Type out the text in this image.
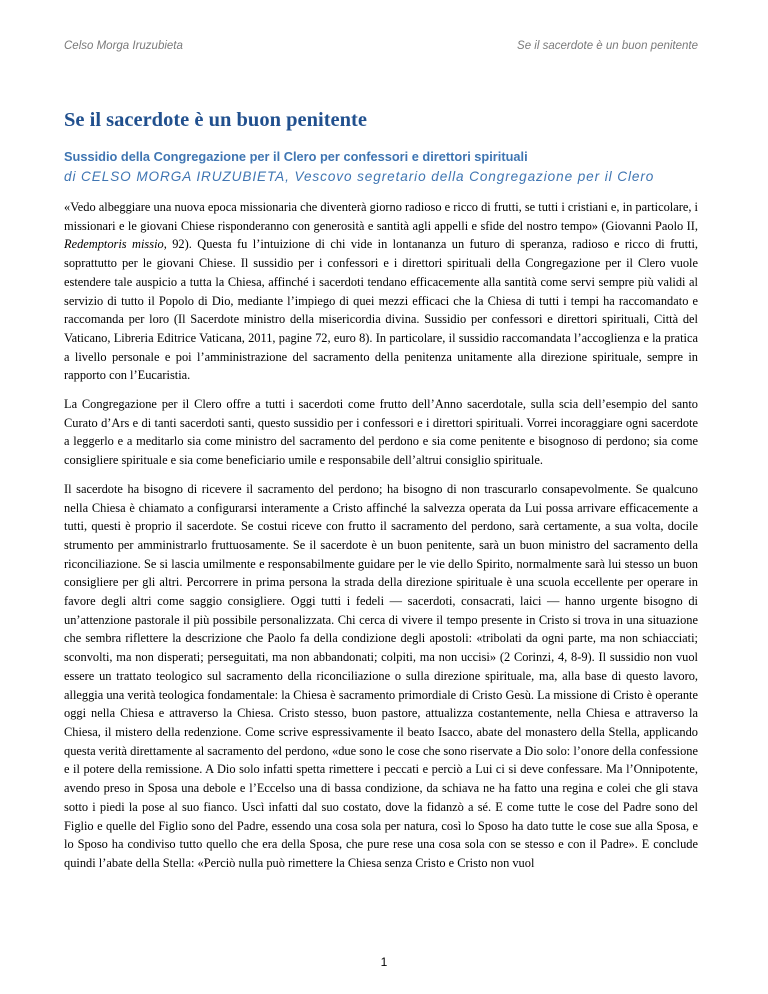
Celso Morga Iruzubieta	Se il sacerdote è un buon penitente
Se il sacerdote è un buon penitente
Sussidio della Congregazione per il Clero per confessori e direttori spirituali
di CELSO MORGA IRUZUBIETA, Vescovo segretario della Congregazione per il Clero

«Vedo albeggiare una nuova epoca missionaria che diventerà giorno radioso e ricco di frutti, se tutti i cristiani e, in particolare, i missionari e le giovani Chiese risponderanno con generosità e santità agli appelli e sfide del nostro tempo» (Giovanni Paolo II, Redemptoris missio, 92). Questa fu l’intuizione di chi vide in lontananza un futuro di speranza, radioso e ricco di frutti, soprattutto per le giovani Chiese. Il sussidio per i confessori e i direttori spirituali della Congregazione per il Clero vuole estendere tale auspicio a tutta la Chiesa, affinché i sacerdoti tendano efficacemente alla santità come servi sempre più validi al servizio di tutto il Popolo di Dio, mediante l’impiego di quei mezzi efficaci che la Chiesa di tutti i tempi ha raccomandato e raccomanda per loro (Il Sacerdote ministro della misericordia divina. Sussidio per confessori e direttori spirituali, Città del Vaticano, Libreria Editrice Vaticana, 2011, pagine 72, euro 8). In particolare, il sussidio raccomandata l’accoglienza e la pratica a livello personale e poi l’amministrazione del sacramento della penitenza unitamente alla direzione spirituale, sempre in rapporto con l’Eucaristia.

La Congregazione per il Clero offre a tutti i sacerdoti come frutto dell’Anno sacerdotale, sulla scia dell’esempio del santo Curato d’Ars e di tanti sacerdoti santi, questo sussidio per i confessori e i direttori spirituali. Vorrei incoraggiare ogni sacerdote a leggerlo e a meditarlo sia come ministro del sacramento del perdono e sia come penitente e bisognoso di perdono; sia come consigliere spirituale e sia come beneficiario umile e responsabile dell’altrui consiglio spirituale.

Il sacerdote ha bisogno di ricevere il sacramento del perdono; ha bisogno di non trascurarlo consapevolmente. Se qualcuno nella Chiesa è chiamato a configurarsi interamente a Cristo affinché la salvezza operata da Lui possa arrivare efficacemente a tutti, questi è proprio il sacerdote. Se costui riceve con frutto il sacramento del perdono, sarà certamente, a sua volta, docile strumento per amministrarlo fruttuosamente. Se il sacerdote è un buon penitente, sarà un buon ministro del sacramento della riconciliazione. Se si lascia umilmente e responsabilmente guidare per le vie dello Spirito, normalmente sarà lui stesso un buon consigliere per gli altri. Percorrere in prima persona la strada della direzione spirituale è una scuola eccellente per operare in favore degli altri come saggio consigliere. Oggi tutti i fedeli — sacerdoti, consacrati, laici — hanno urgente bisogno di un’attenzione pastorale il più possibile personalizzata. Chi cerca di vivere il tempo presente in Cristo si trova in una situazione che sembra riflettere la descrizione che Paolo fa della condizione degli apostoli: «tribolati da ogni parte, ma non schiacciati; sconvolti, ma non disperati; perseguitati, ma non abbandonati; colpiti, ma non uccisi» (2 Corinzi, 4, 8-9). Il sussidio non vuol essere un trattato teologico sul sacramento della riconciliazione o sulla direzione spirituale, ma, alla base di questo lavoro, alleggia una verità teologica fondamentale: la Chiesa è sacramento primordiale di Cristo Gesù. La missione di Cristo è operante oggi nella Chiesa e attraverso la Chiesa. Cristo stesso, buon pastore, attualizza costantemente, nella Chiesa e attraverso la Chiesa, il mistero della redenzione. Come scrive espressivamente il beato Isacco, abate del monastero della Stella, applicando questa verità direttamente al sacramento del perdono, «due sono le cose che sono riservate a Dio solo: l’onore della confessione e il potere della remissione. A Dio solo infatti spetta rimettere i peccati e perciò a Lui ci si deve confessare. Ma l’Onnipotente, avendo preso in Sposa una debole e l’Eccelso una di bassa condizione, da schiava ne ha fatto una regina e colei che gli stava sotto i piedi la pose al suo fianco. Uscì infatti dal suo costato, dove la fidanzò a sé. E come tutte le cose del Padre sono del Figlio e quelle del Figlio sono del Padre, essendo una cosa sola per natura, così lo Sposo ha dato tutte le cose sue alla Sposa, e lo Sposo ha condiviso tutto quello che era della Sposa, che pure rese una cosa sola con se stesso e con il Padre». E conclude quindi l’abate della Stella: «Perciò nulla può rimettere la Chiesa senza Cristo e Cristo non vuol

1
